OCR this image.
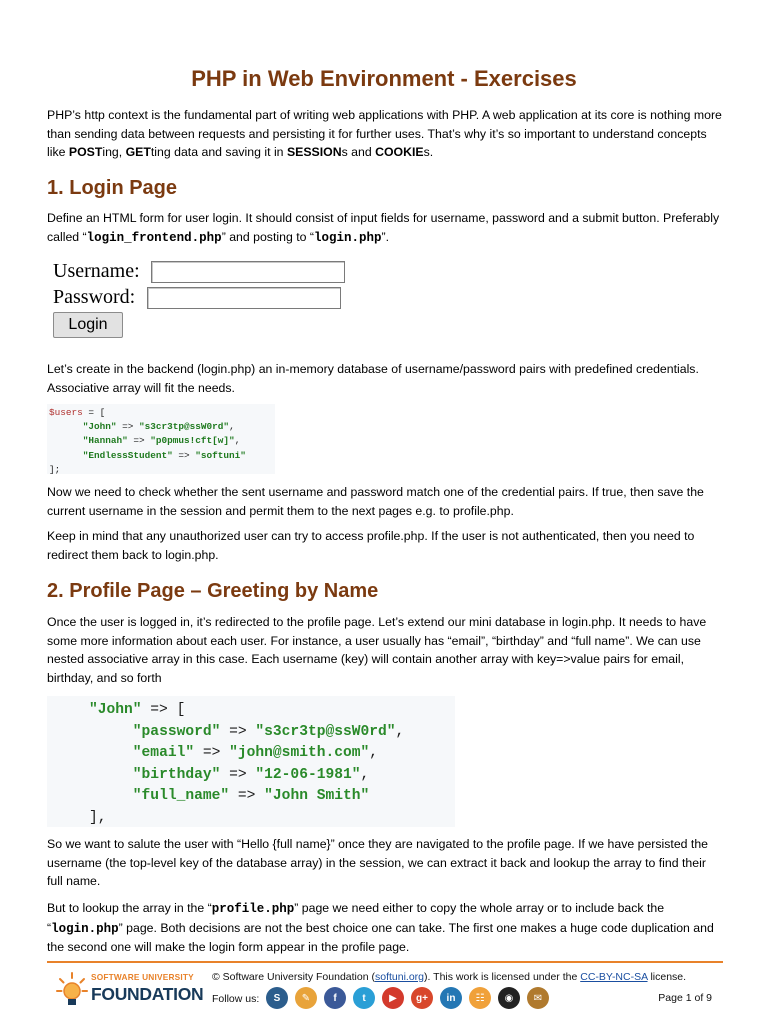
PHP in Web Environment - Exercises

PHP’s http context is the fundamental part of writing web applications with PHP. A web application at its core is nothing more than sending data between requests and persisting it for further uses. That’s why it’s so important to understand concepts like POSTing, GETting data and saving it in SESSIONs and COOKIEs.

1. Login Page

Define an HTML form for user login. It should consist of input fields for username, password and a submit button. Preferably called “login_frontend.php” and posting to “login.php”.

Username:
Password:
Login

Let’s create in the backend (login.php) an in-memory database of username/password pairs with predefined credentials. Associative array will fit the needs.

$users = [
"John" => "s3cr3tp@ssW0rd",
"Hannah" => "p0pmus!cft[w]",
"EndlessStudent" => "softuni"
];

Now we need to check whether the sent username and password match one of the credential pairs. If true, then save the current username in the session and permit them to the next pages e.g. to profile.php.

Keep in mind that any unauthorized user can try to access profile.php. If the user is not authenticated, then you need to redirect them back to login.php.

2. Profile Page – Greeting by Name

Once the user is logged in, it’s redirected to the profile page. Let’s extend our mini database in login.php. It needs to have some more information about each user. For instance, a user usually has “email”, “birthday” and “full name”. We can use nested associative array in this case. Each username (key) will contain another array with key=>value pairs for email, birthday, and so forth

"John" => [
"password" => "s3cr3tp@ssW0rd",
"email" => "john@smith.com",
"birthday" => "12-06-1981",
"full_name" => "John Smith"
],

So we want to salute the user with “Hello {full name}” once they are navigated to the profile page. If we have persisted the username (the top-level key of the database array) in the session, we can extract it back and lookup the array to find their full name.

But to lookup the array in the “profile.php” page we need either to copy the whole array or to include back the “login.php” page. Both decisions are not the best choice one can take. The first one makes a huge code duplication and the second one will make the login form appear in the profile page.

SOFTWARE UNIVERSITY
FOUNDATION
© Software University Foundation (softuni.org). This work is licensed under the CC-BY-NC-SA license.
Follow us:	S	✎	f	t	▶	g+	in	☷	◉	✉	Page 1 of 9
